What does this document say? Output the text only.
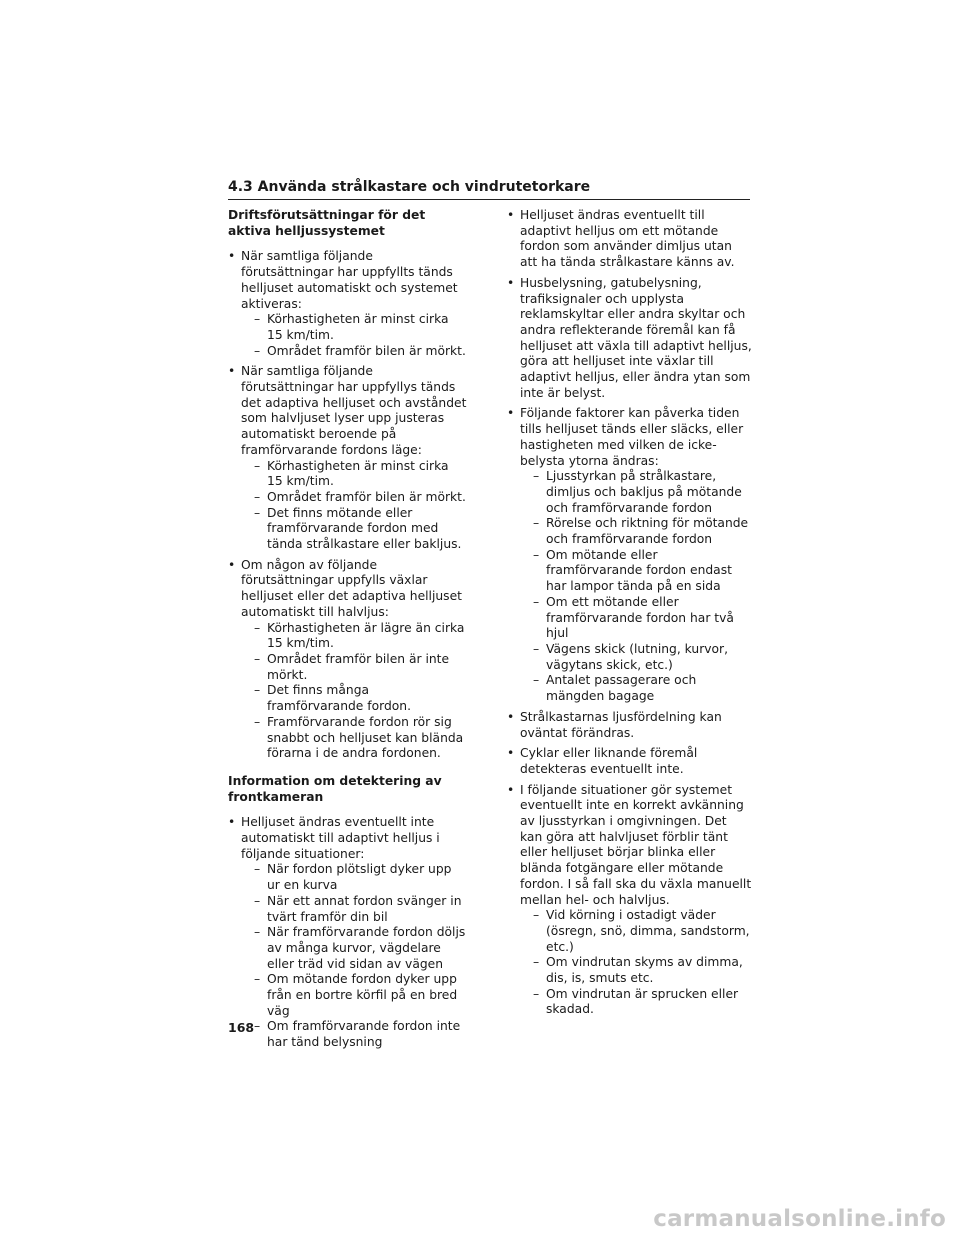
4.3 Använda strålkastare och vindrutetorkare
Driftsförutsättningar för det aktiva helljussystemet
• När samtliga följande förutsättningar har uppfyllts tänds helljuset automatiskt och systemet aktiveras:
– Körhastigheten är minst cirka 15 km/tim.
– Området framför bilen är mörkt.
• När samtliga följande förutsättningar har uppfyllys tänds det adaptiva helljuset och avståndet som halvljuset lyser upp justeras automatiskt beroende på framförvarande fordons läge:
– Körhastigheten är minst cirka 15 km/tim.
– Området framför bilen är mörkt.
– Det finns mötande eller framförvarande fordon med tända strålkastare eller bakljus.
• Om någon av följande förutsättningar uppfylls växlar helljuset eller det adaptiva helljuset automatiskt till halvljus:
– Körhastigheten är lägre än cirka 15 km/tim.
– Området framför bilen är inte mörkt.
– Det finns många framförvarande fordon.
– Framförvarande fordon rör sig snabbt och helljuset kan blända förarna i de andra fordonen.
Information om detektering av frontkameran
• Helljuset ändras eventuellt inte automatiskt till adaptivt helljus i följande situationer:
– När fordon plötsligt dyker upp ur en kurva
– När ett annat fordon svänger in tvärt framför din bil
– När framförvarande fordon döljs av många kurvor, vägdelare eller träd vid sidan av vägen
– Om mötande fordon dyker upp från en bortre körfil på en bred väg
– Om framförvarande fordon inte har tänd belysning
• Helljuset ändras eventuellt till adaptivt helljus om ett mötande fordon som använder dimljus utan att ha tända strålkastare känns av.
• Husbelysning, gatubelysning, trafiksignaler och upplysta reklamskyltar eller andra skyltar och andra reflekterande föremål kan få helljuset att växla till adaptivt helljus, göra att helljuset inte växlar till adaptivt helljus, eller ändra ytan som inte är belyst.
• Följande faktorer kan påverka tiden tills helljuset tänds eller släcks, eller hastigheten med vilken de icke-belysta ytorna ändras:
– Ljusstyrkan på strålkastare, dimljus och bakljus på mötande och framförvarande fordon
– Rörelse och riktning för mötande och framförvarande fordon
– Om mötande eller framförvarande fordon endast har lampor tända på en sida
– Om ett mötande eller framförvarande fordon har två hjul
– Vägens skick (lutning, kurvor, vägytans skick, etc.)
– Antalet passagerare och mängden bagage
• Strålkastarnas ljusfördelning kan oväntat förändras.
• Cyklar eller liknande föremål detekteras eventuellt inte.
• I följande situationer gör systemet eventuellt inte en korrekt avkänning av ljusstyrkan i omgivningen. Det kan göra att halvljuset förblir tänt eller helljuset börjar blinka eller blända fotgängare eller mötande fordon. I så fall ska du växla manuellt mellan hel- och halvljus.
– Vid körning i ostadigt väder (ösregn, snö, dimma, sandstorm, etc.)
– Om vindrutan skyms av dimma, dis, is, smuts etc.
– Om vindrutan är sprucken eller skadad.
168
carmanualsonline.info
